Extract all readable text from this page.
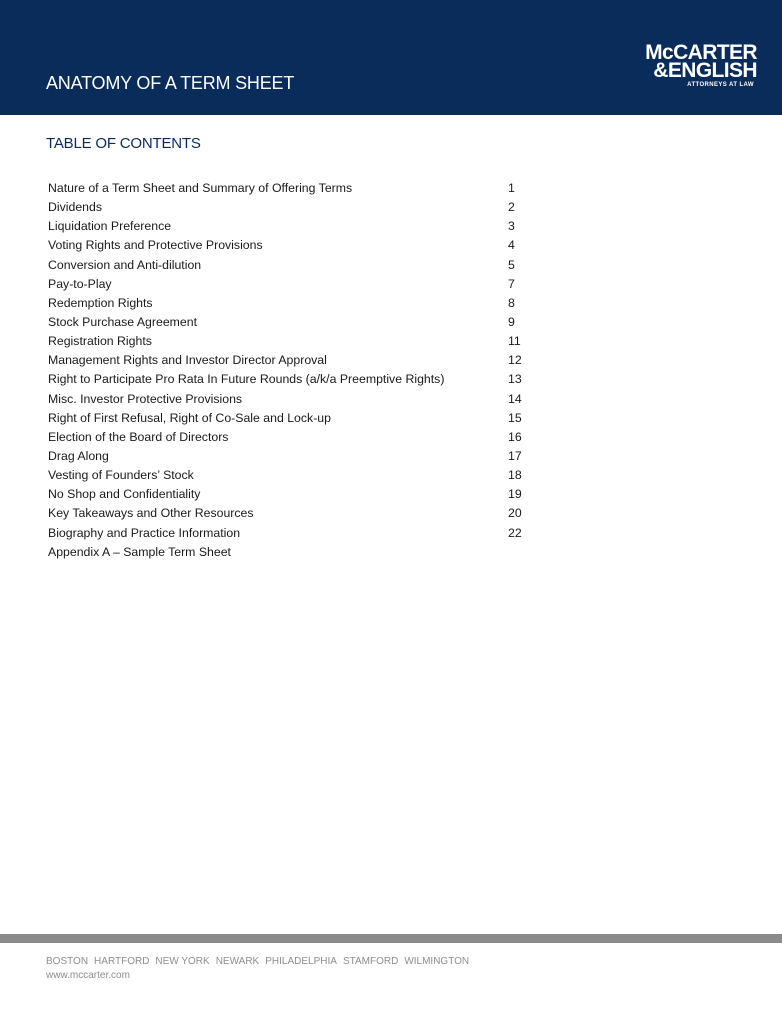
ANATOMY OF A TERM SHEET
McCARTER
&ENGLISH
ATTORNEYS AT LAW
TABLE OF CONTENTS
Nature of a Term Sheet and Summary of Offering Terms	1
Dividends	2
Liquidation Preference	3
Voting Rights and Protective Provisions	4
Conversion and Anti-dilution	5
Pay-to-Play	7
Redemption Rights	8
Stock Purchase Agreement	9
Registration Rights	11
Management Rights and Investor Director Approval	12
Right to Participate Pro Rata In Future Rounds (a/k/a Preemptive Rights)	13
Misc. Investor Protective Provisions	14
Right of First Refusal, Right of Co-Sale and Lock-up	15
Election of the Board of Directors	16
Drag Along	17
Vesting of Founders’ Stock	18
No Shop and Confidentiality	19
Key Takeaways and Other Resources	20
Biography and Practice Information	22
Appendix A – Sample Term Sheet
BOSTON HARTFORD NEW YORK NEWARK PHILADELPHIA STAMFORD WILMINGTON
www.mccarter.com
